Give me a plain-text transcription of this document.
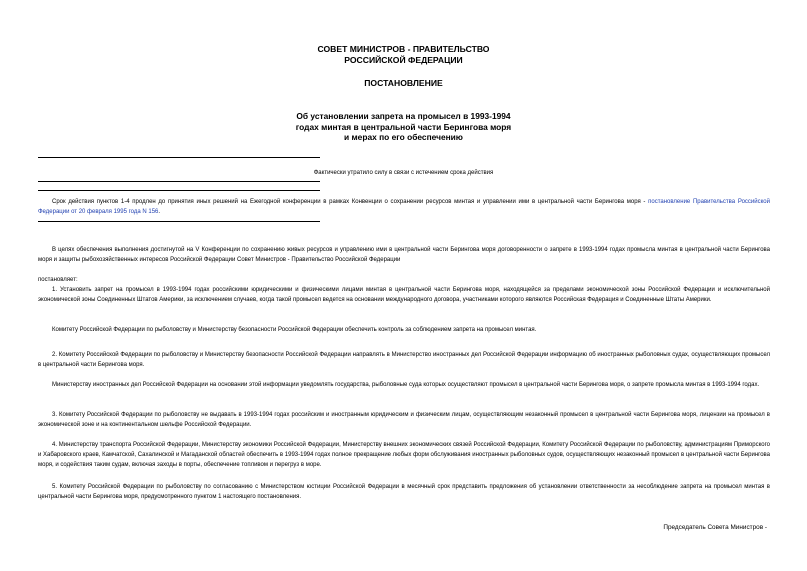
СОВЕТ МИНИСТРОВ - ПРАВИТЕЛЬСТВО
РОССИЙСКОЙ ФЕДЕРАЦИИ
ПОСТАНОВЛЕНИЕ
Об установлении запрета на промысел в 1993-1994
годах минтая в центральной части Берингова моря
и мерах по его обеспечению
Фактически утратило силу в связи с истечением срока действия
Срок действия пунктов 1-4 продлен до принятия иных решений на Ежегодной конференции в рамках Конвенции о сохранении ресурсов минтая и управлении ими в центральной части Берингова моря - постановление Правительства Российской Федерации от 20 февраля 1995 года N 156.
В целях обеспечения выполнения достигнутой на V Конференции по сохранению живых ресурсов и управлению ими в центральной части Берингова моря договоренности о запрете в 1993-1994 годах промысла минтая в центральной части Берингова моря и защиты рыбохозяйственных интересов Российской Федерации Совет Министров - Правительство Российской Федерации
постановляет:
1. Установить запрет на промысел в 1993-1994 годах российскими юридическими и физическими лицами минтая в центральной части Берингова моря, находящейся за пределами экономической зоны Российской Федерации и исключительной экономической зоны Соединенных Штатов Америки, за исключением случаев, когда такой промысел ведется на основании международного договора, участниками которого являются Российская Федерация и Соединенные Штаты Америки.
Комитету Российской Федерации по рыболовству и Министерству безопасности Российской Федерации обеспечить контроль за соблюдением запрета на промысел минтая.
2. Комитету Российской Федерации по рыболовству и Министерству безопасности Российской Федерации направлять в Министерство иностранных дел Российской Федерации информацию об иностранных рыболовных судах, осуществляющих промысел в центральной части Берингова моря.
Министерству иностранных дел Российской Федерации на основании этой информации уведомлять государства, рыболовные суда которых осуществляют промысел в центральной части Берингова моря, о запрете промысла минтая в 1993-1994 годах.
3. Комитету Российской Федерации по рыболовству не выдавать в 1993-1994 годах российским и иностранным юридическим и физическим лицам, осуществляющим незаконный промысел в центральной части Берингова моря, лицензии на промысел в экономической зоне и на континентальном шельфе Российской Федерации.
4. Министерству транспорта Российской Федерации, Министерству экономики Российской Федерации, Министерству внешних экономических связей Российской Федерации, Комитету Российской Федерации по рыболовству, администрациям Приморского и Хабаровского краев, Камчатской, Сахалинской и Магаданской областей обеспечить в 1993-1994 годах полное прекращение любых форм обслуживания иностранных рыболовных судов, осуществляющих незаконный промысел в центральной части Берингова моря, и содействия таким судам, включая заходы в порты, обеспечение топливом и перегруз в море.
5. Комитету Российской Федерации по рыболовству по согласованию с Министерством юстиции Российской Федерации в месячный срок представить предложения об установлении ответственности за несоблюдение запрета на промысел минтая в центральной части Берингова моря, предусмотренного пунктом 1 настоящего постановления.
Председатель Совета Министров -
